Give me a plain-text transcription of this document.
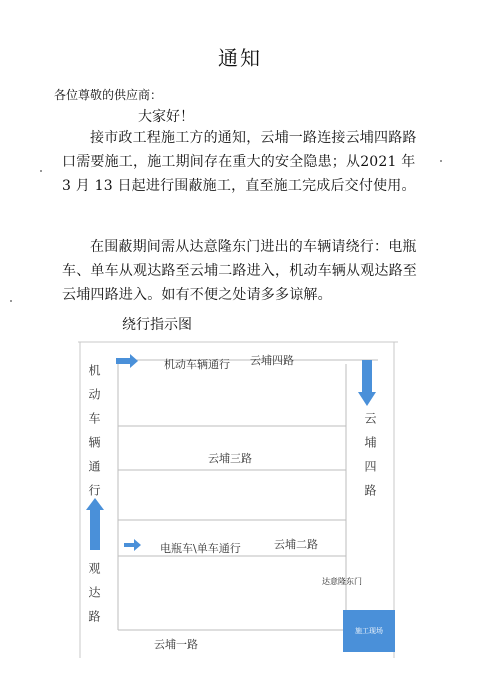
通知
各位尊敬的供应商：
大家好！
接市政工程施工方的通知，云埔一路连接云埔四路路口需要施工，施工期间存在重大的安全隐患；从2021 年 3 月 13 日起进行围蔽施工，直至施工完成后交付使用。
在围蔽期间需从达意隆东门进出的车辆请绕行：电瓶车、单车从观达路至云埔二路进入，机动车辆从观达路至云埔四路进入。如有不便之处请多多谅解。
绕行指示图
机动车辆通行 云埔四路
云埔三路
电瓶车\单车通行	云埔二路
云埔一路
机动车辆通行
观达路
云埔四路
达意隆东门
施工现场
